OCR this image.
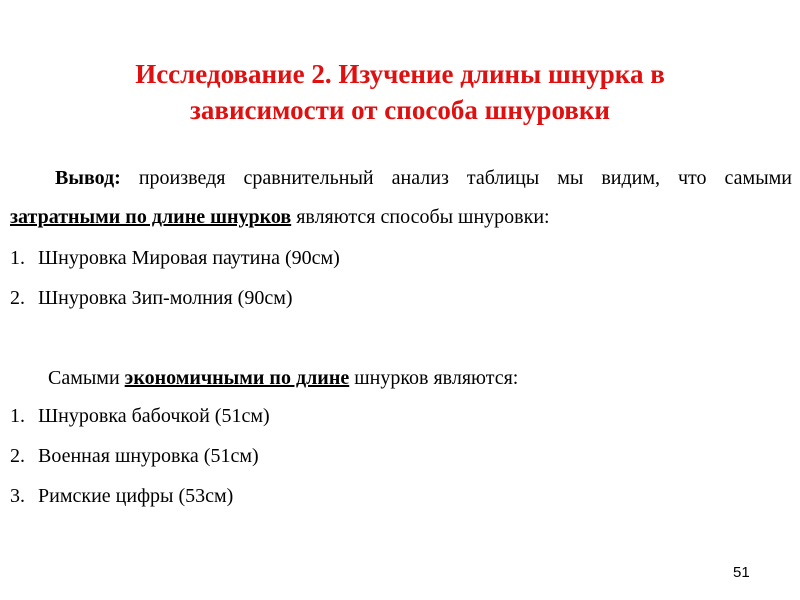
Исследование 2. Изучение длины шнурка в
зависимости от способа шнуровки
Вывод: произведя сравнительный анализ таблицы мы видим, что самыми
затратными по длине шнурков являются способы шнуровки:
1. Шнуровка Мировая паутина (90см)
2. Шнуровка Зип-молния (90см)
Самыми экономичными по длине шнурков являются:
1. Шнуровка бабочкой (51см)
2. Военная шнуровка (51см)
3. Римские цифры (53см)
51
